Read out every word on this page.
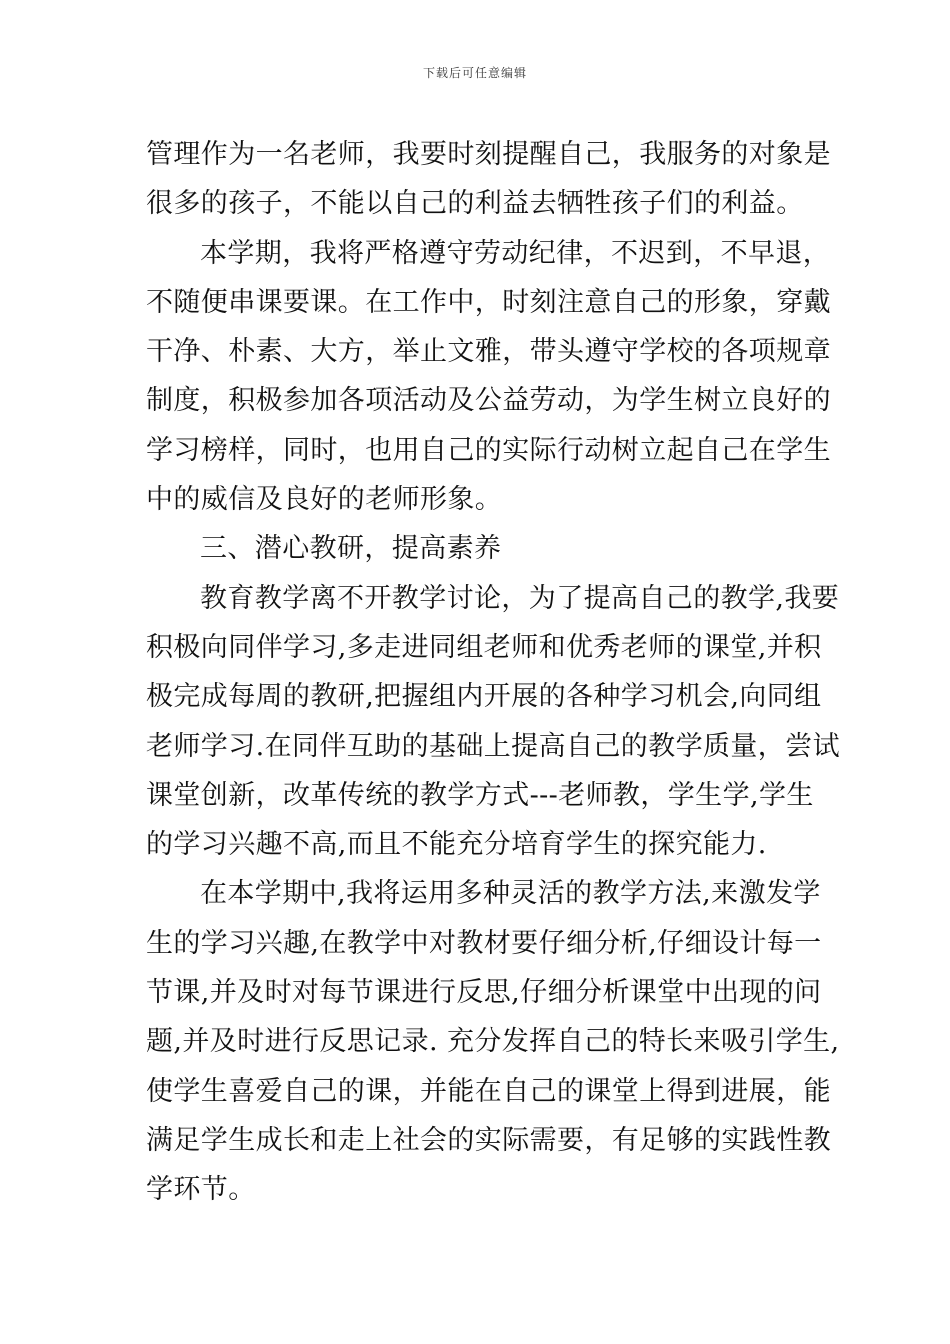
下载后可任意编辑
管理作为一名老师，我要时刻提醒自己，我服务的对象是
很多的孩子，不能以自己的利益去牺牲孩子们的利益。
本学期，我将严格遵守劳动纪律，不迟到，不早退，
不随便串课要课。在工作中，时刻注意自己的形象，穿戴
干净、朴素、大方，举止文雅，带头遵守学校的各项规章
制度，积极参加各项活动及公益劳动，为学生树立良好的
学习榜样，同时，也用自己的实际行动树立起自己在学生
中的威信及良好的老师形象。
三、潜心教研，提高素养
教育教学离不开教学讨论，为了提高自己的教学,我要
积极向同伴学习,多走进同组老师和优秀老师的课堂,并积
极完成每周的教研,把握组内开展的各种学习机会,向同组
老师学习.在同伴互助的基础上提高自己的教学质量，尝试
课堂创新，改革传统的教学方式---老师教，学生学,学生
的学习兴趣不高,而且不能充分培育学生的探究能力.
在本学期中,我将运用多种灵活的教学方法,来激发学
生的学习兴趣,在教学中对教材要仔细分析,仔细设计每一
节课,并及时对每节课进行反思,仔细分析课堂中出现的问
题,并及时进行反思记录. 充分发挥自己的特长来吸引学生,
使学生喜爱自己的课，并能在自己的课堂上得到进展，能
满足学生成长和走上社会的实际需要，有足够的实践性教
学环节。
